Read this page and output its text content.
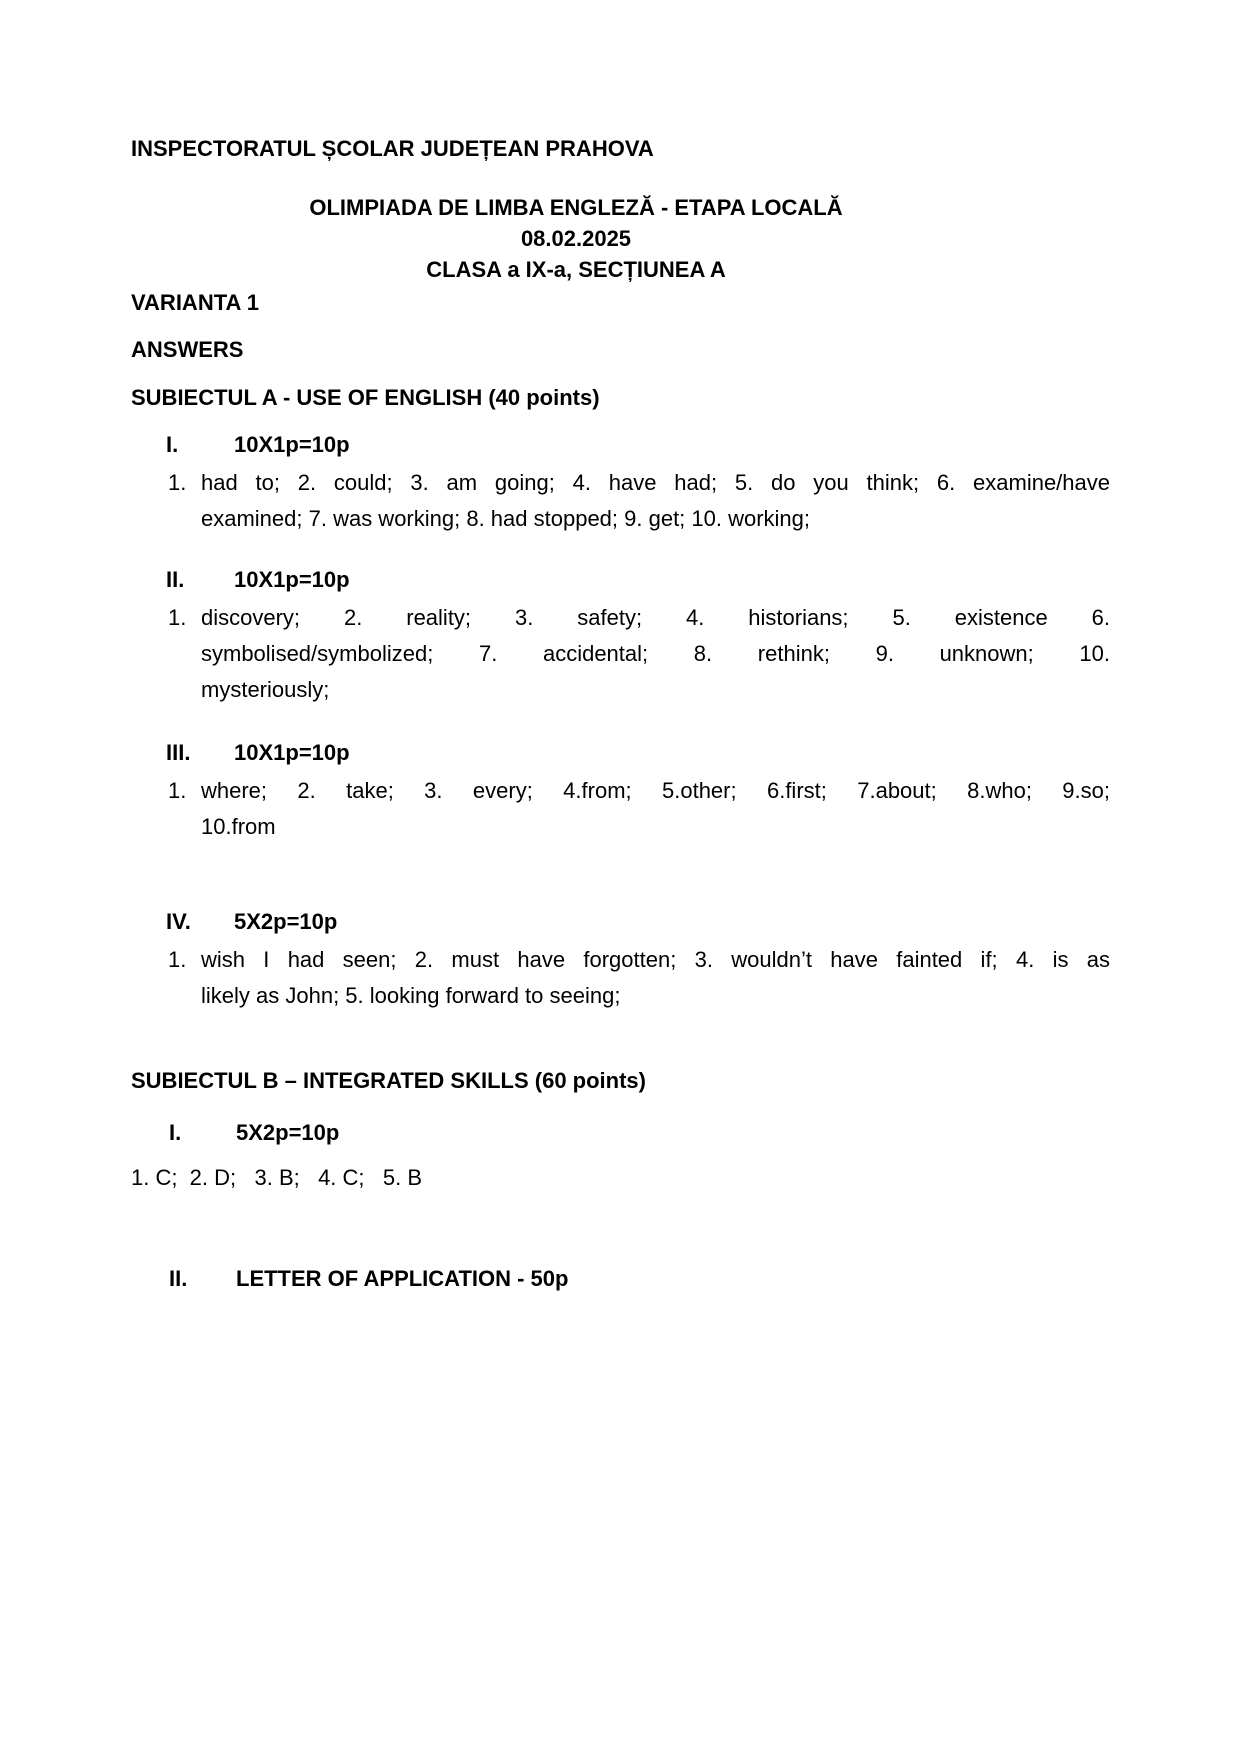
INSPECTORATUL ȘCOLAR JUDEȚEAN PRAHOVA
OLIMPIADA DE LIMBA ENGLEZĂ - ETAPA LOCALĂ
08.02.2025
CLASA a IX-a, SECȚIUNEA A
VARIANTA 1
ANSWERS
SUBIECTUL A - USE OF ENGLISH (40 points)
I.	10X1p=10p
1. had to; 2. could; 3. am going; 4. have had; 5. do you think; 6. examine/have
examined; 7. was working; 8. had stopped; 9. get; 10. working;
II.	10X1p=10p
1. discovery; 2. reality; 3. safety; 4. historians; 5. existence 6.
symbolised/symbolized; 7. accidental; 8. rethink; 9. unknown; 10.
mysteriously;
III.	10X1p=10p
1. where; 2. take; 3. every; 4.from; 5.other; 6.first; 7.about; 8.who; 9.so;
10.from
IV.	5X2p=10p
1. wish I had seen; 2. must have forgotten; 3. wouldn’t have fainted if; 4. is as
likely as John; 5. looking forward to seeing;
SUBIECTUL B – INTEGRATED SKILLS (60 points)
I.	5X2p=10p
1. C;  2. D;   3. B;   4. C;   5. B
II.	LETTER OF APPLICATION - 50p
